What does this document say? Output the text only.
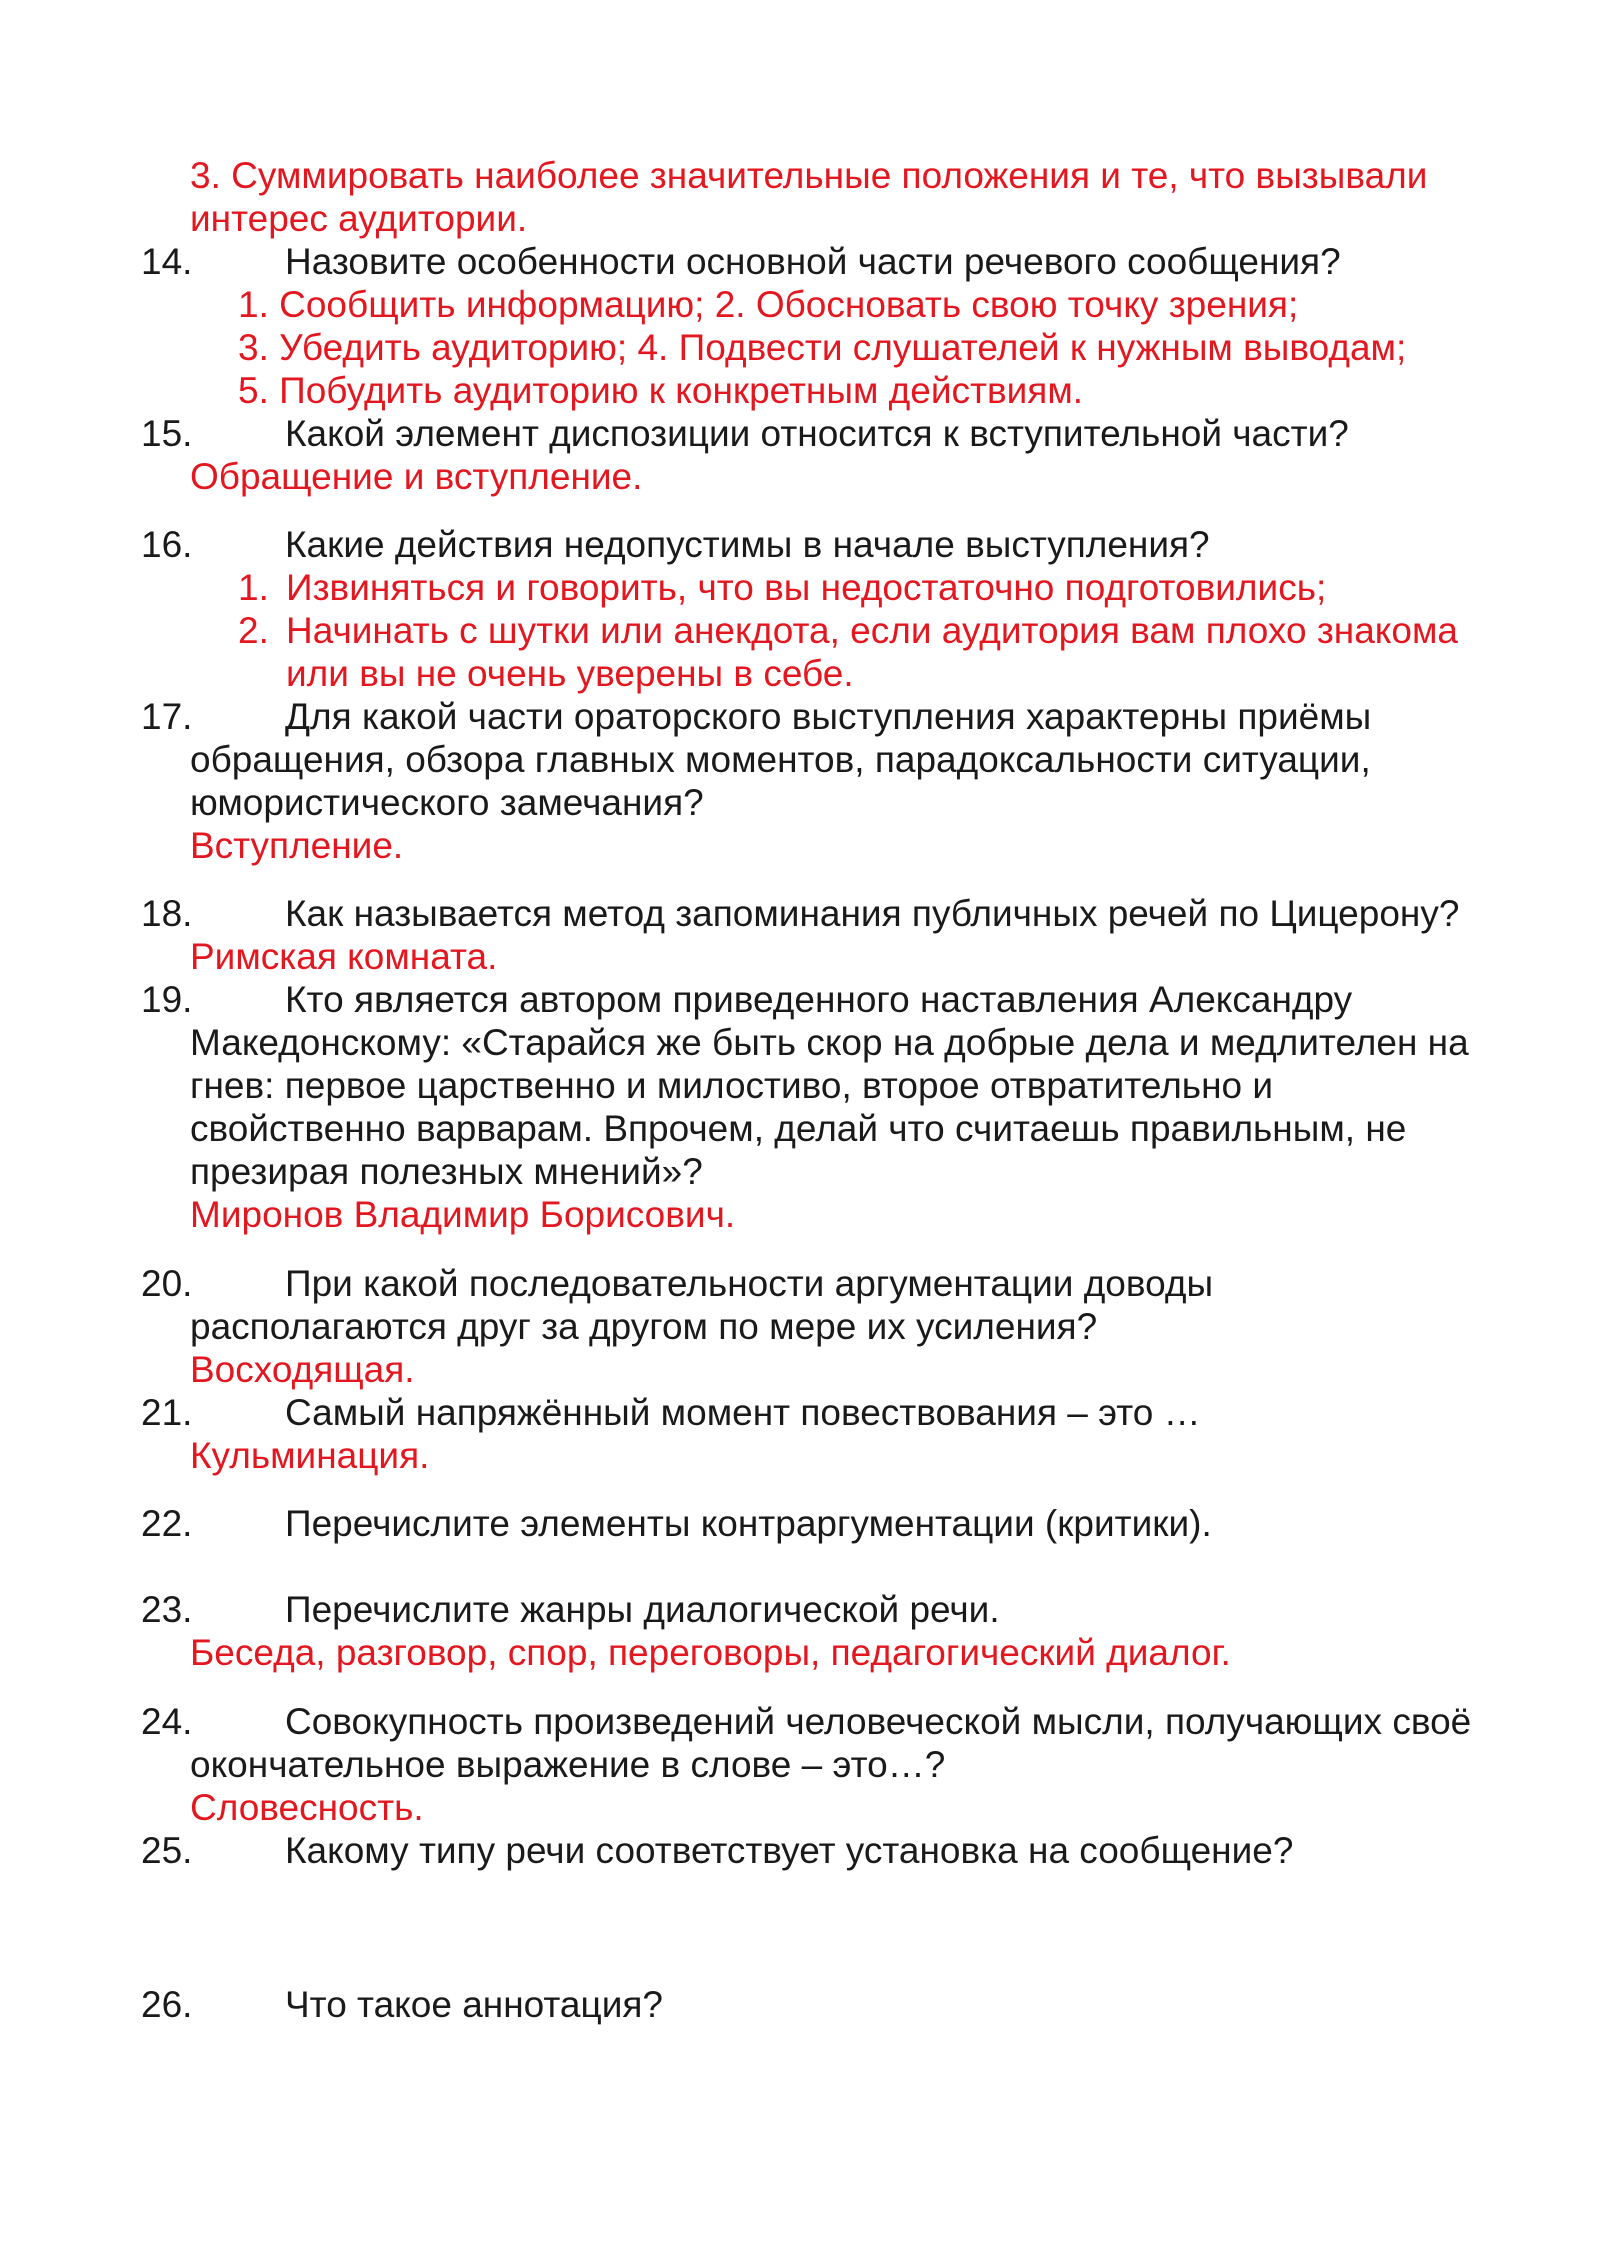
3. Суммировать наиболее значительные положения и те, что вызывали
интерес аудитории.
14.	Назовите особенности основной части речевого сообщения?
1. Сообщить информацию; 2. Обосновать свою точку зрения;
3. Убедить аудиторию; 4. Подвести слушателей к нужным выводам;
5. Побудить аудиторию к конкретным действиям.
15.	Какой элемент диспозиции относится к вступительной части?
Обращение и вступление.
16.	Какие действия недопустимы в начале выступления?
1. Извиняться и говорить, что вы недостаточно подготовились;
2. Начинать с шутки или анекдота, если аудитория вам плохо знакома
или вы не очень уверены в себе.
17.	Для какой части ораторского выступления характерны приёмы
обращения, обзора главных моментов, парадоксальности ситуации,
юмористического замечания?
Вступление.
18.	Как называется метод запоминания публичных речей по Цицерону?
Римская комната.
19.	Кто является автором приведенного наставления Александру
Македонскому: «Старайся же быть скор на добрые дела и медлителен на
гнев: первое царственно и милостиво, второе отвратительно и
свойственно варварам. Впрочем, делай что считаешь правильным, не
презирая полезных мнений»?
Миронов Владимир Борисович.
20.	При какой последовательности аргументации доводы
располагаются друг за другом по мере их усиления?
Восходящая.
21.	Самый напряжённый момент повествования – это …
Кульминация.
22.	Перечислите элементы контраргументации (критики).
23.	Перечислите жанры диалогической речи.
Беседа, разговор, спор, переговоры, педагогический диалог.
24.	Совокупность произведений человеческой мысли, получающих своё
окончательное выражение в слове – это…?
Словесность.
25.	Какому типу речи соответствует установка на сообщение?
26.	Что такое аннотация?
